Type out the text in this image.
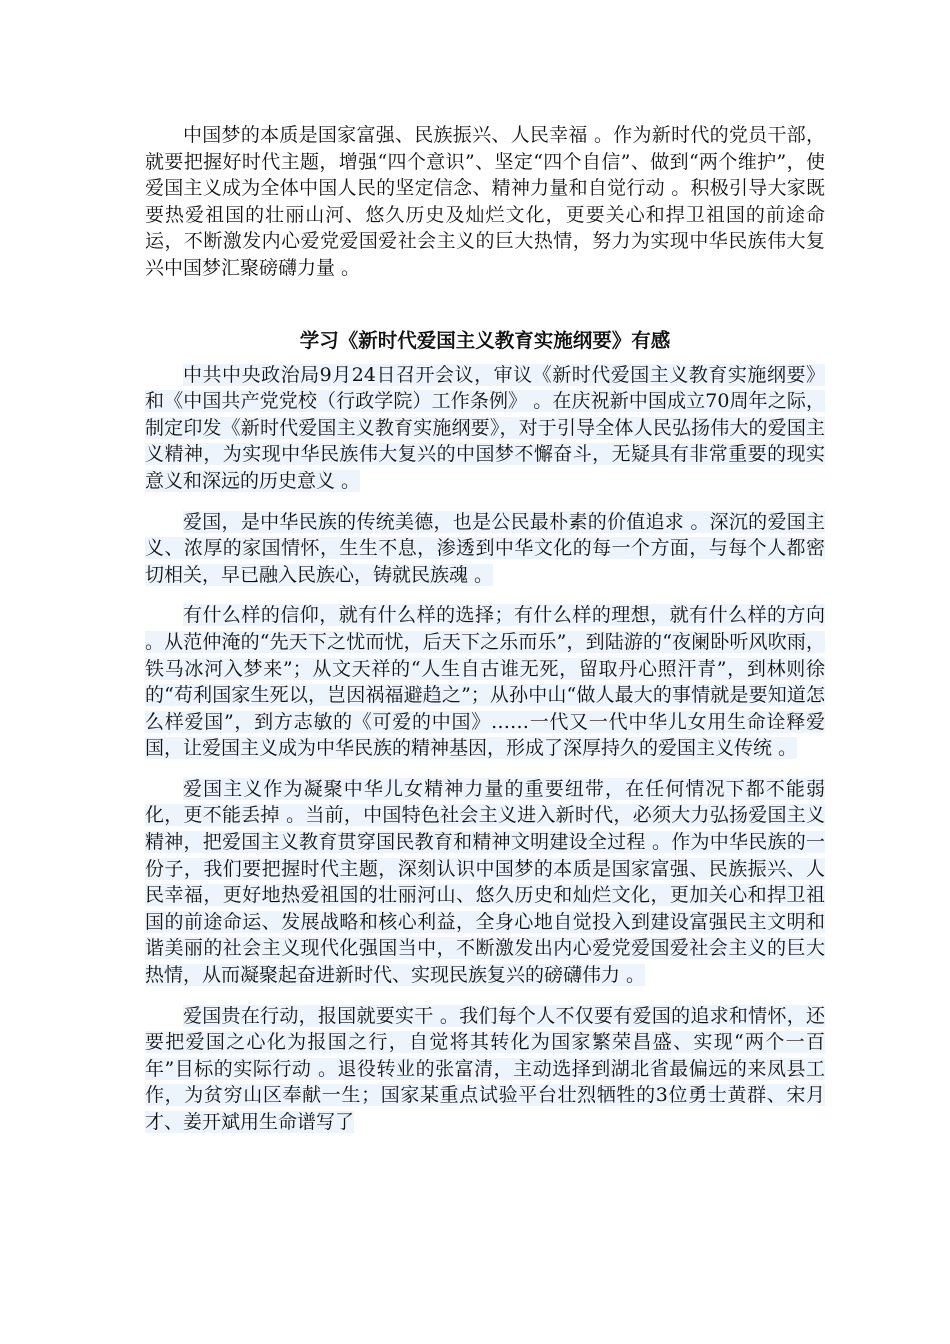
中国梦的本质是国家富强、民族振兴、人民幸福 。作为新时代的党员干部，就要把握好时代主题，增强“四个意识”、坚定“四个自信”、做到“两个维护”，使爱国主义成为全体中国人民的坚定信念、精神力量和自觉行动 。积极引导大家既要热爱祖国的壮丽山河、悠久历史及灿烂文化，更要关心和捍卫祖国的前途命运，不断激发内心爱党爱国爱社会主义的巨大热情，努力为实现中华民族伟大复兴中国梦汇聚磅礴力量 。

学习《新时代爱国主义教育实施纲要》有感

中共中央政治局9月24日召开会议，审议《新时代爱国主义教育实施纲要》和《中国共产党党校（行政学院）工作条例》 。在庆祝新中国成立70周年之际，制定印发《新时代爱国主义教育实施纲要》，对于引导全体人民弘扬伟大的爱国主义精神，为实现中华民族伟大复兴的中国梦不懈奋斗，无疑具有非常重要的现实意义和深远的历史意义 。

爱国，是中华民族的传统美德，也是公民最朴素的价值追求 。深沉的爱国主义、浓厚的家国情怀，生生不息，渗透到中华文化的每一个方面，与每个人都密切相关，早已融入民族心，铸就民族魂 。

有什么样的信仰，就有什么样的选择；有什么样的理想，就有什么样的方向 。从范仲淹的“先天下之忧而忧，后天下之乐而乐”，到陆游的“夜阑卧听风吹雨，铁马冰河入梦来”；从文天祥的“人生自古谁无死，留取丹心照汗青”，到林则徐的“苟利国家生死以，岂因祸福避趋之”；从孙中山“做人最大的事情就是要知道怎么样爱国”，到方志敏的《可爱的中国》……一代又一代中华儿女用生命诠释爱国，让爱国主义成为中华民族的精神基因，形成了深厚持久的爱国主义传统 。

爱国主义作为凝聚中华儿女精神力量的重要纽带，在任何情况下都不能弱化，更不能丢掉 。当前，中国特色社会主义进入新时代，必须大力弘扬爱国主义精神，把爱国主义教育贯穿国民教育和精神文明建设全过程 。作为中华民族的一份子，我们要把握时代主题，深刻认识中国梦的本质是国家富强、民族振兴、人民幸福，更好地热爱祖国的壮丽河山、悠久历史和灿烂文化，更加关心和捍卫祖国的前途命运、发展战略和核心利益，全身心地自觉投入到建设富强民主文明和谐美丽的社会主义现代化强国当中，不断激发出内心爱党爱国爱社会主义的巨大热情，从而凝聚起奋进新时代、实现民族复兴的磅礴伟力 。

爱国贵在行动，报国就要实干 。我们每个人不仅要有爱国的追求和情怀，还要把爱国之心化为报国之行，自觉将其转化为国家繁荣昌盛、实现“两个一百年”目标的实际行动 。退役转业的张富清，主动选择到湖北省最偏远的来凤县工作，为贫穷山区奉献一生；国家某重点试验平台壮烈牺牲的3位勇士黄群、宋月才、姜开斌用生命谱写了
